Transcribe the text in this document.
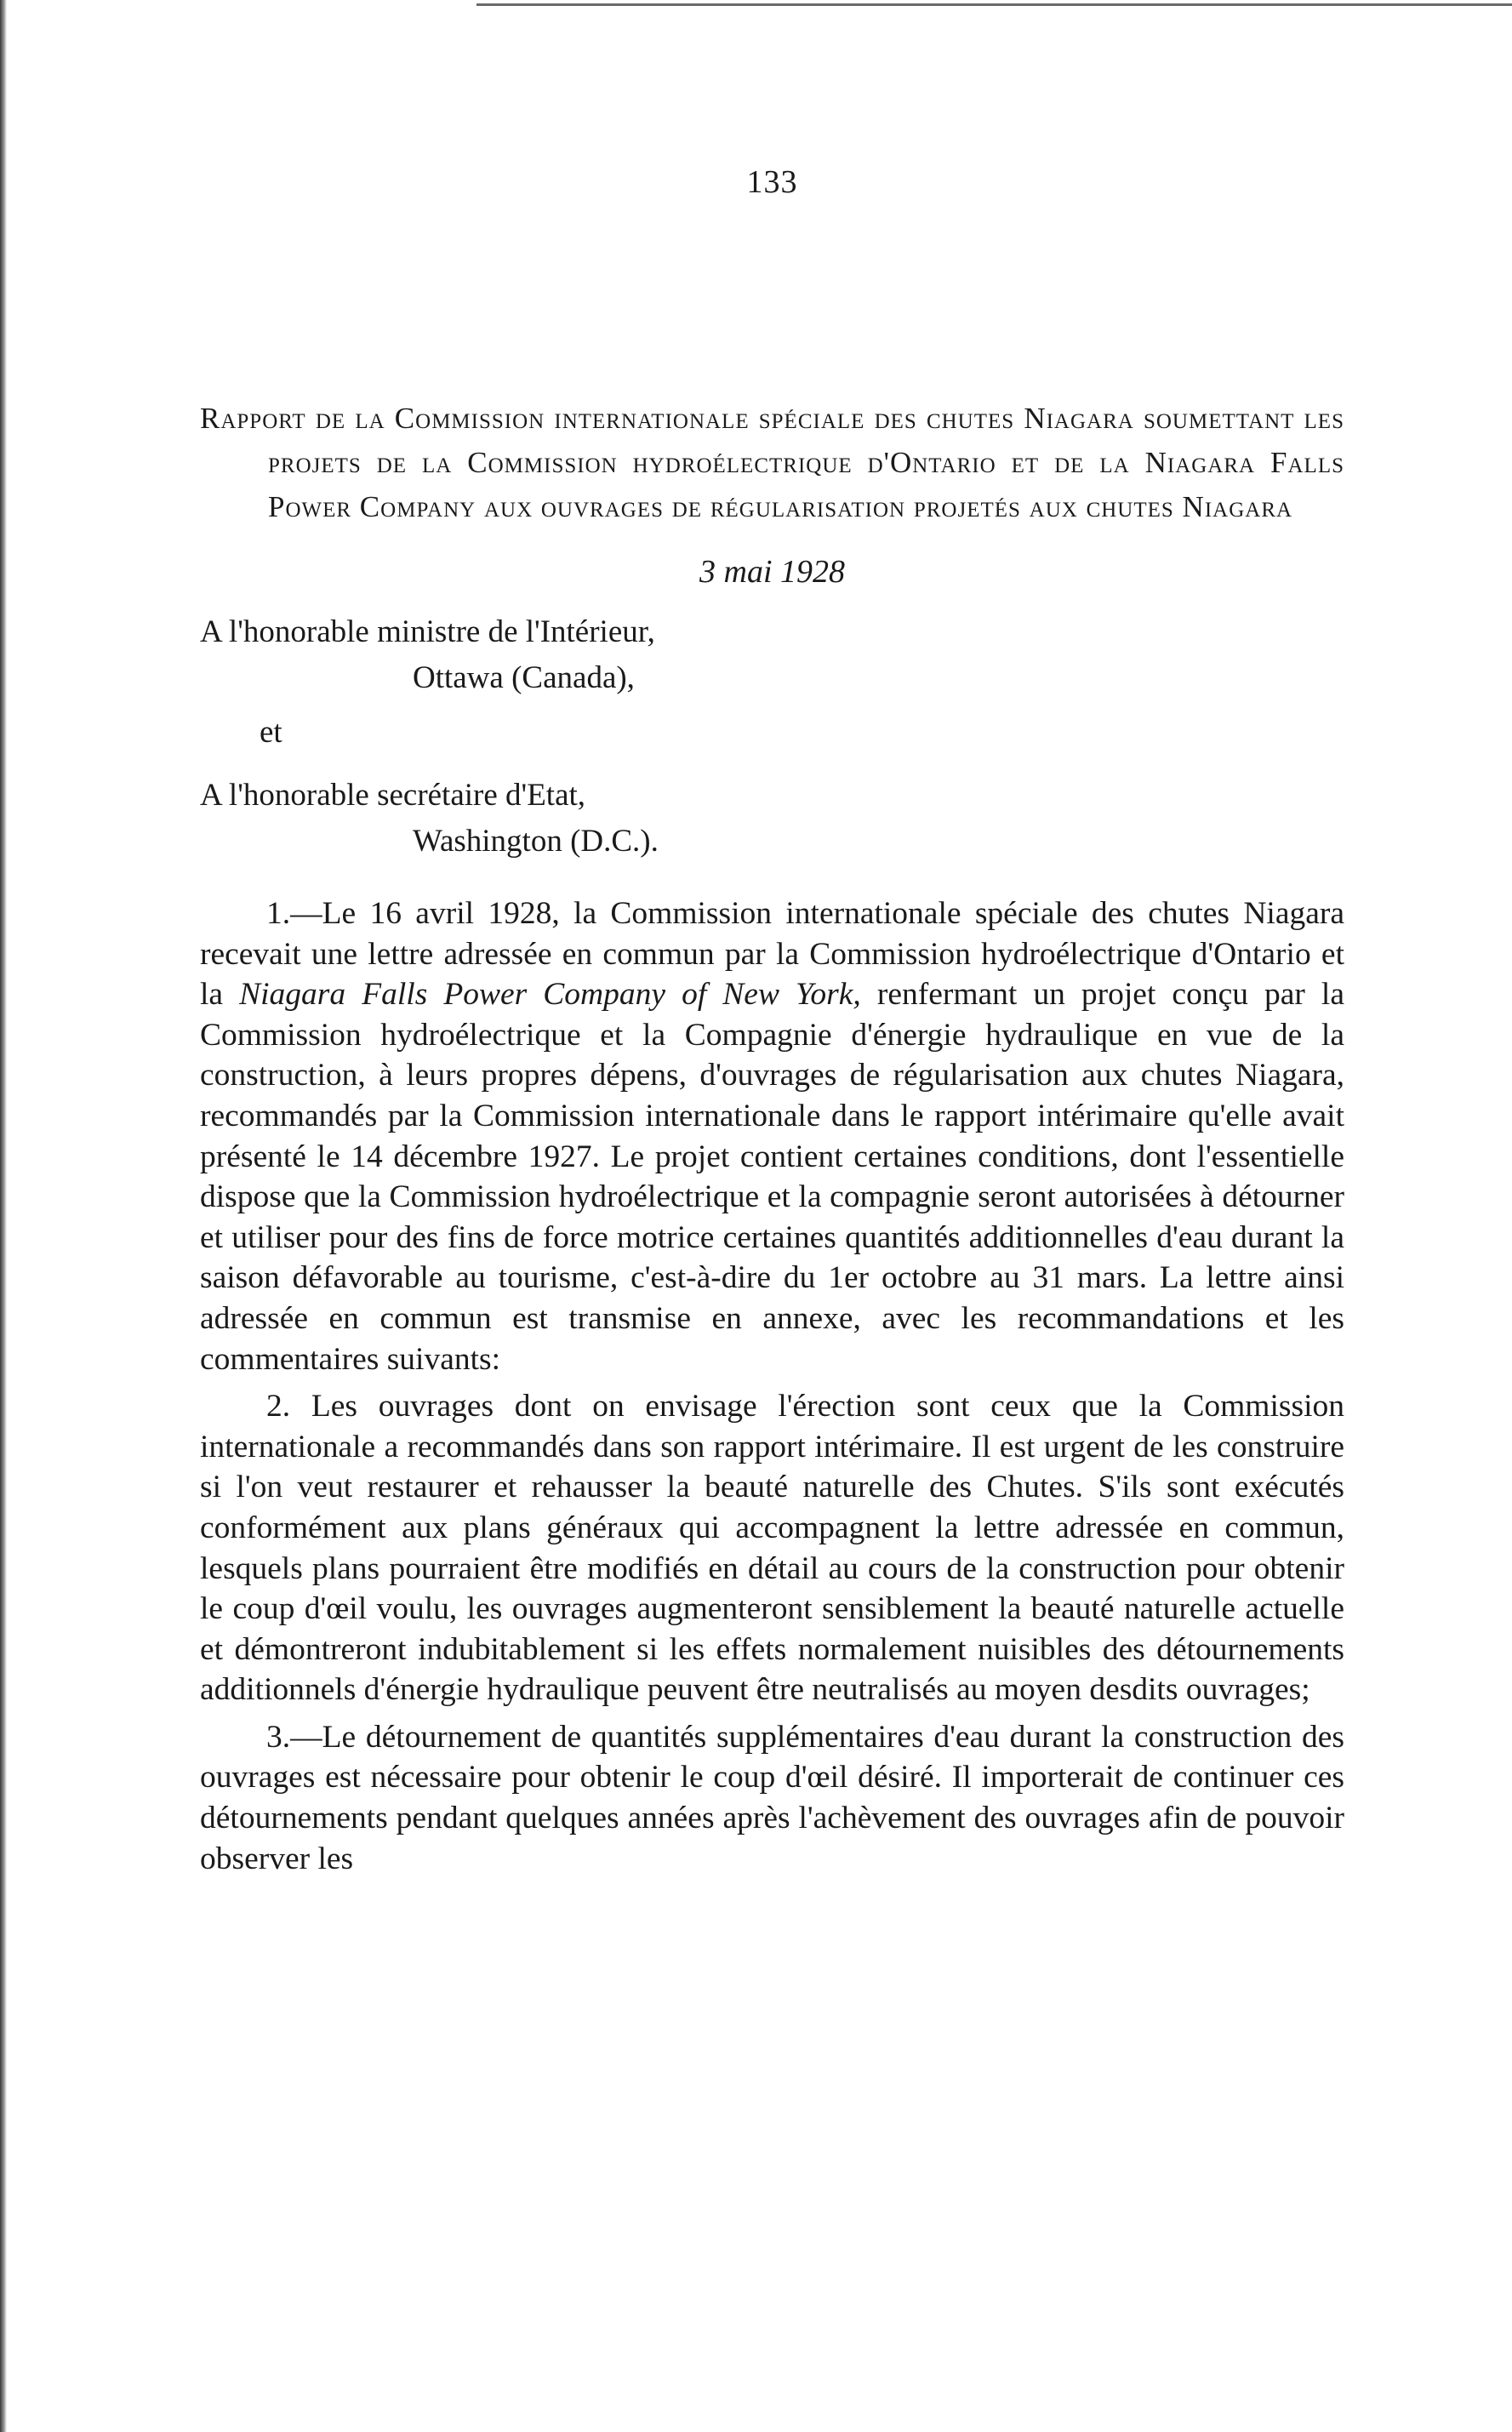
133
Rapport de la Commission internationale spéciale des chutes Niagara soumettant les projets de la Commission hydroélectrique d'Ontario et de la Niagara Falls Power Company aux ouvrages de régularisation projetés aux chutes Niagara
3 mai 1928
A l'honorable ministre de l'Intérieur,
Ottawa (Canada),
et
A l'honorable secrétaire d'Etat,
Washington (D.C.).

1.—Le 16 avril 1928, la Commission internationale spéciale des chutes Niagara recevait une lettre adressée en commun par la Commission hydroélectrique d'Ontario et la Niagara Falls Power Company of New York, renfermant un projet conçu par la Commission hydroélectrique et la Compagnie d'énergie hydraulique en vue de la construction, à leurs propres dépens, d'ouvrages de régularisation aux chutes Niagara, recommandés par la Commission internationale dans le rapport intérimaire qu'elle avait présenté le 14 décembre 1927. Le projet contient certaines conditions, dont l'essentielle dispose que la Commission hydroélectrique et la compagnie seront autorisées à détourner et utiliser pour des fins de force motrice certaines quantités additionnelles d'eau durant la saison défavorable au tourisme, c'est-à-dire du 1er octobre au 31 mars. La lettre ainsi adressée en commun est transmise en annexe, avec les recommandations et les commentaires suivants:

2. Les ouvrages dont on envisage l'érection sont ceux que la Commission internationale a recommandés dans son rapport intérimaire. Il est urgent de les construire si l'on veut restaurer et rehausser la beauté naturelle des Chutes. S'ils sont exécutés conformément aux plans généraux qui accompagnent la lettre adressée en commun, lesquels plans pourraient être modifiés en détail au cours de la construction pour obtenir le coup d'œil voulu, les ouvrages augmenteront sensiblement la beauté naturelle actuelle et démontreront indubitablement si les effets normalement nuisibles des détournements additionnels d'énergie hydraulique peuvent être neutralisés au moyen desdits ouvrages;

3.—Le détournement de quantités supplémentaires d'eau durant la construction des ouvrages est nécessaire pour obtenir le coup d'œil désiré. Il importerait de continuer ces détournements pendant quelques années après l'achèvement des ouvrages afin de pouvoir observer les
